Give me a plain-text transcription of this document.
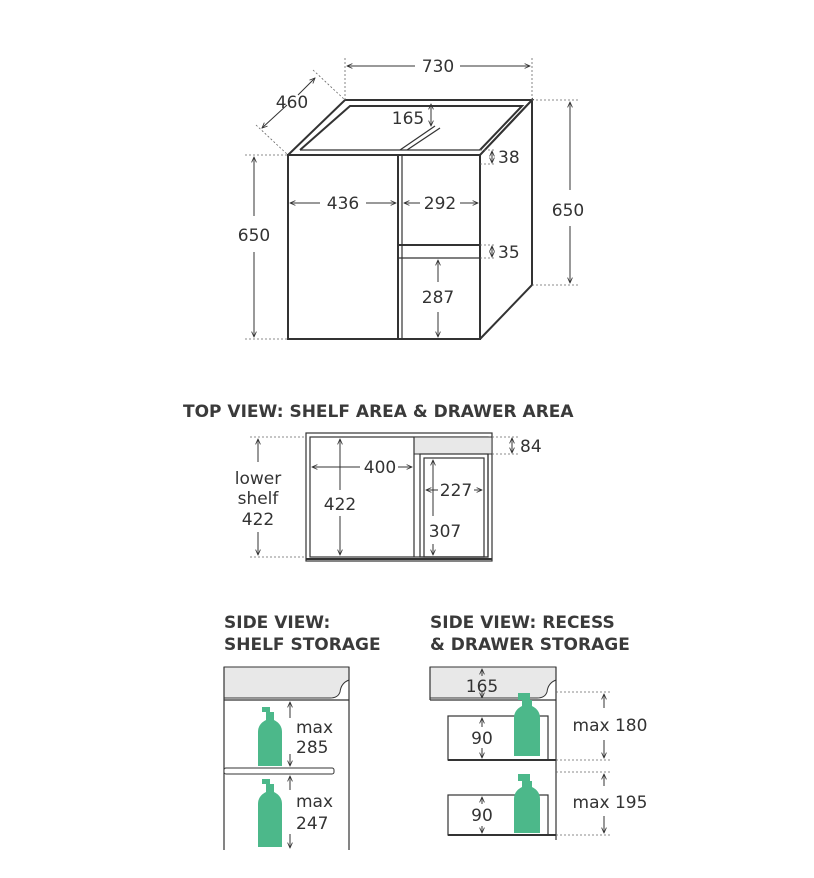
730
460
165
650
650
38
436	292
35
287
TOP VIEW: SHELF AREA & DRAWER AREA
84
lower
shelf
422
400
422
227
307
SIDE VIEW:
SHELF STORAGE
max
285
max
247
SIDE VIEW: RECESS
& DRAWER STORAGE
165
90
90
max 180
max 195
